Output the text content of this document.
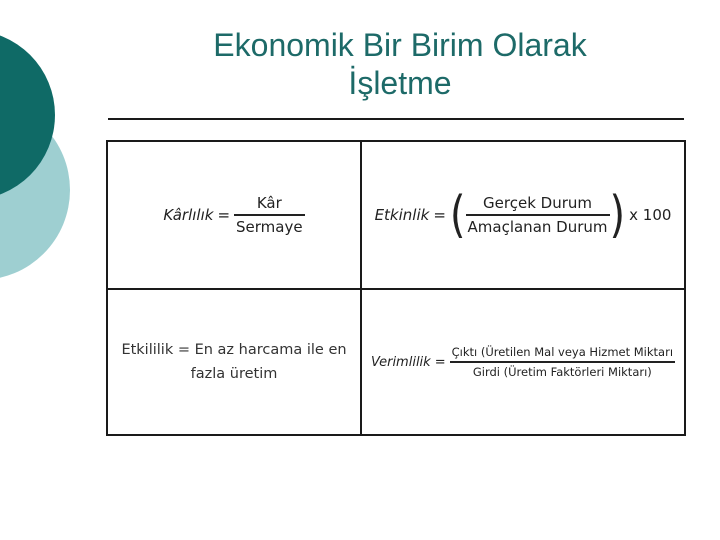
Ekonomik Bir Birim Olarak
İşletme
Kârlılık = $\frac{\text{Kâr}}{\text{Sermaye}}$	Etkinlik = ( $\frac{\text{Gerçek Durum}}{\text{Amaçlanan Durum}}$ ) x 100
Etkililik = En az harcama ile en
fazla üretim
Verimlilik = $\frac{\text{Çıktı (Üretilen Mal veya Hizmet Miktarı}}{\text{Girdi (Üretim Faktörleri Miktarı)}}$
